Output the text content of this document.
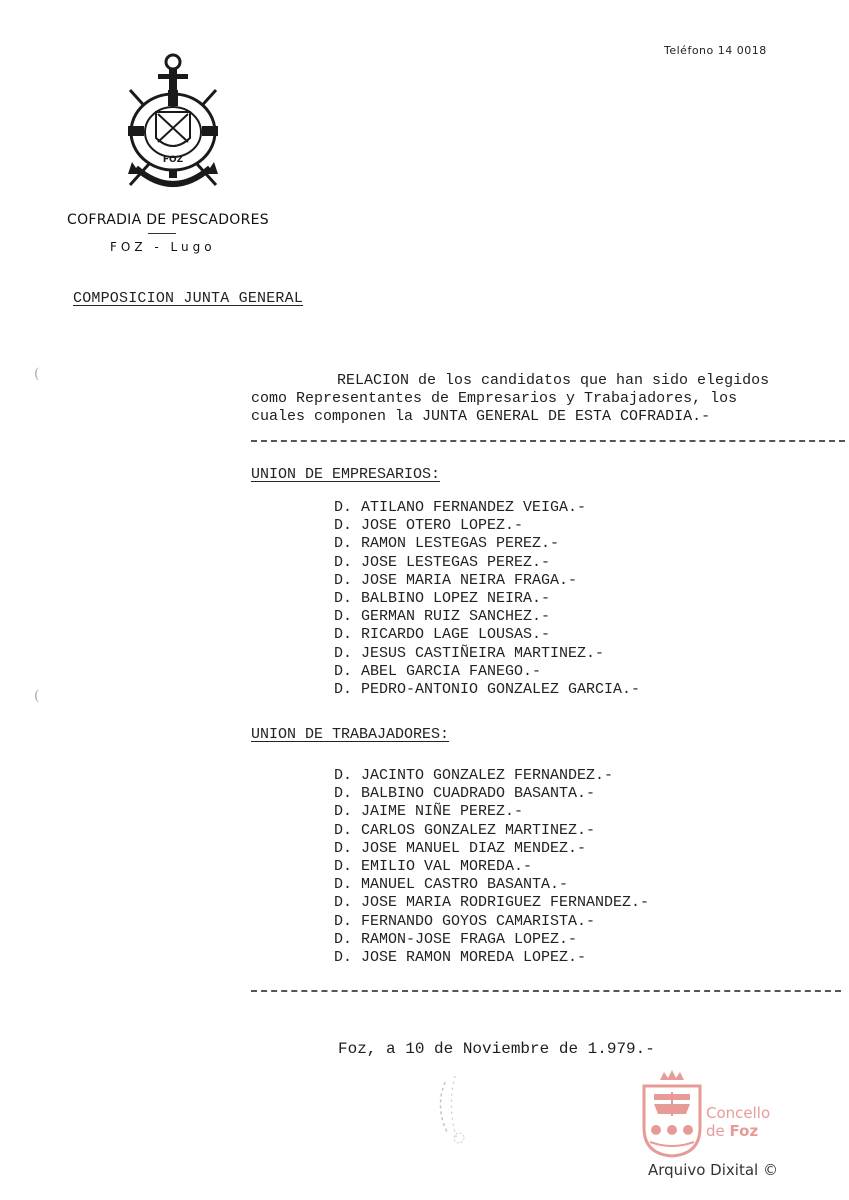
Teléfono 14 0018
FOZ
COFRADIA DE PESCADORES
FOZ - Lugo
COMPOSICION JUNTA GENERAL
(
(
RELACION de los candidatos que han sido elegidos
como Representantes de Empresarios y Trabajadores, los
cuales componen la JUNTA GENERAL DE ESTA COFRADIA.-
UNION DE EMPRESARIOS:
D. ATILANO FERNANDEZ VEIGA.-
D. JOSE OTERO LOPEZ.-
D. RAMON LESTEGAS PEREZ.-
D. JOSE LESTEGAS PEREZ.-
D. JOSE MARIA NEIRA FRAGA.-
D. BALBINO LOPEZ NEIRA.-
D. GERMAN RUIZ SANCHEZ.-
D. RICARDO LAGE LOUSAS.-
D. JESUS CASTIÑEIRA MARTINEZ.-
D. ABEL GARCIA FANEGO.-
D. PEDRO-ANTONIO GONZALEZ GARCIA.-
UNION DE TRABAJADORES:
D. JACINTO GONZALEZ FERNANDEZ.-
D. BALBINO CUADRADO BASANTA.-
D. JAIME NIÑE PEREZ.-
D. CARLOS GONZALEZ MARTINEZ.-
D. JOSE MANUEL DIAZ MENDEZ.-
D. EMILIO VAL MOREDA.-
D. MANUEL CASTRO BASANTA.-
D. JOSE MARIA RODRIGUEZ FERNANDEZ.-
D. FERNANDO GOYOS CAMARISTA.-
D. RAMON-JOSE FRAGA LOPEZ.-
D. JOSE RAMON MOREDA LOPEZ.-
Foz, a 10 de Noviembre de 1.979.-
Concello
de Foz
Arquivo Dixital ©
